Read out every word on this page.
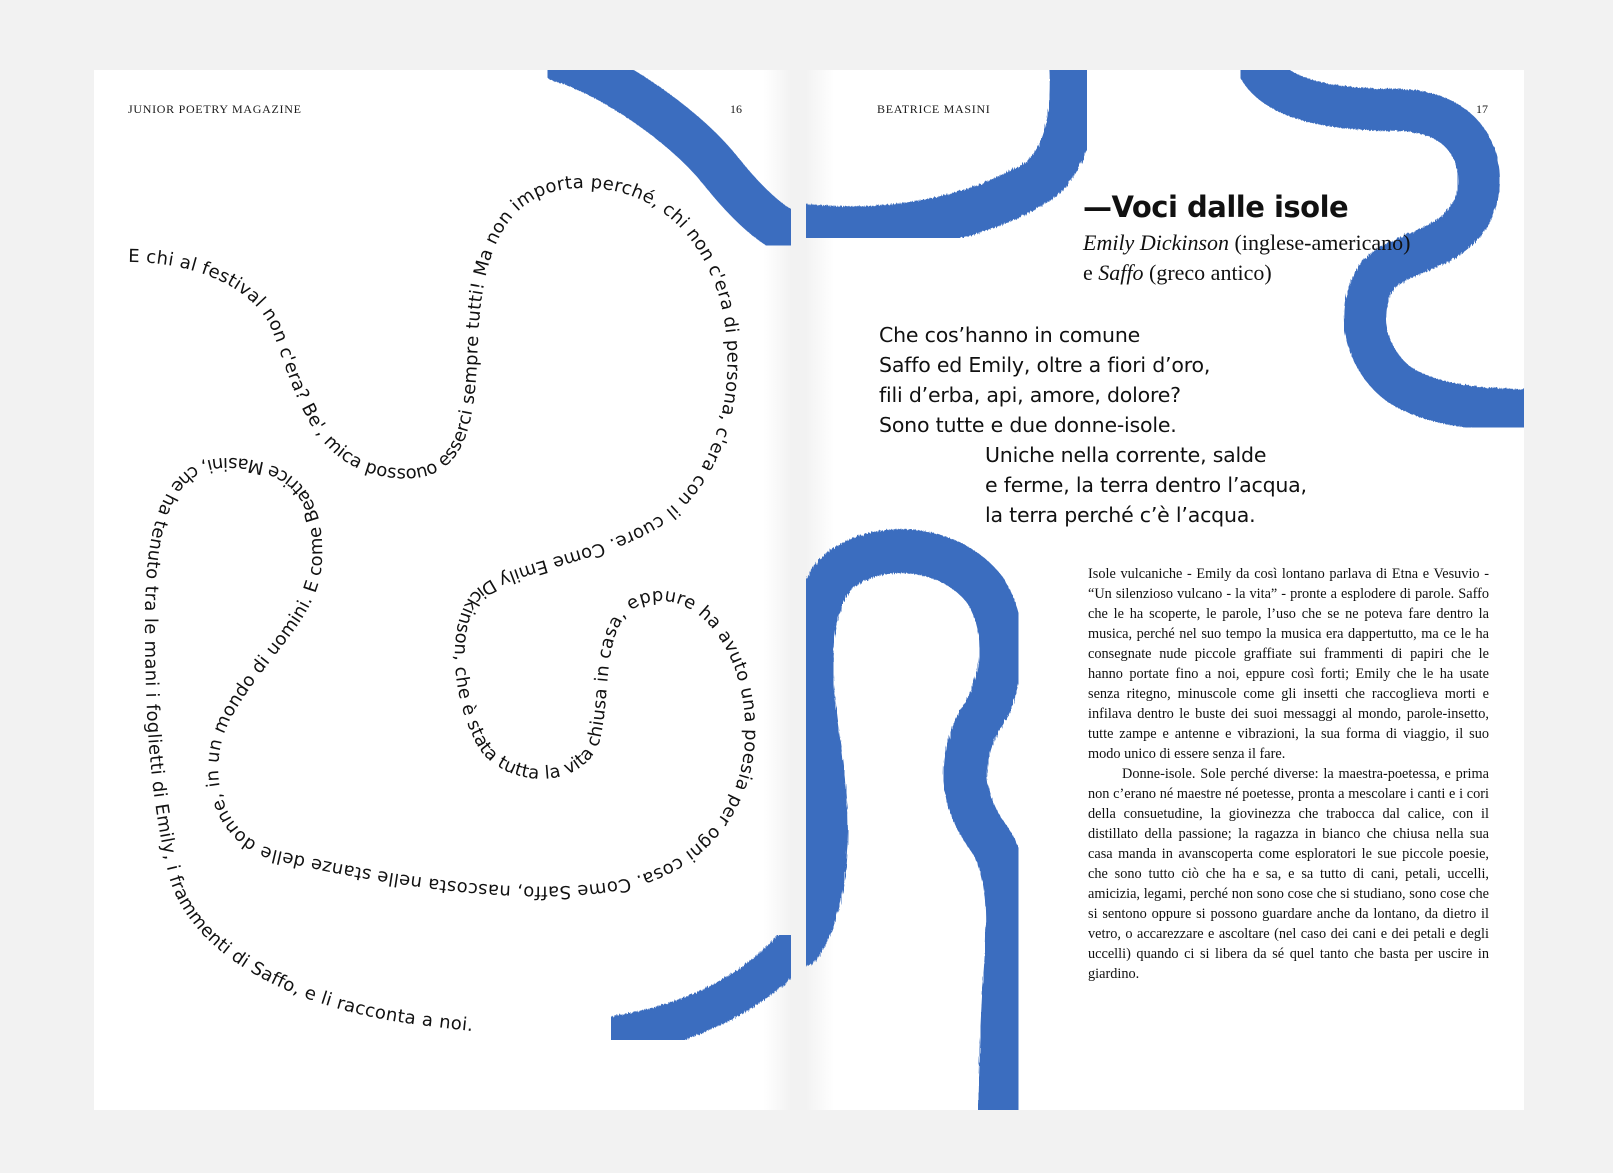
JUNIOR POETRY MAGAZINE	16	BEATRICE MASINI	17
E chi al festival non c'era? Be', mica possono esserci sempre tutti! Ma non importa perché, chi non c'era di persona, c'era con il cuore. Come Emily Dickinson, che è stata tutta la vita chiusa in casa, eppure ha avuto una poesia per ogni cosa. Come Saffo, nascosta nelle stanze delle donne, in un mondo di uomini. E come Beatrice Masini, che ha tenuto tra le mani i foglietti di Emily, i frammenti di Saffo, e li racconta a noi.
—Voci dalle isole
Emily Dickinson (inglese-americano)
e Saffo (greco antico)
Che cos’hanno in comune
Saffo ed Emily, oltre a fiori d’oro,
fili d’erba, api, amore, dolore?
Sono tutte e due donne-isole.
Uniche nella corrente, salde
e ferme, la terra dentro l’acqua,
la terra perché c’è l’acqua.

Isole vulcaniche - Emily da così lontano parlava di Etna e Vesuvio - “Un silenzioso vulcano - la vita” - pronte a esplodere di parole. Saffo che le ha scoperte, le parole, l’uso che se ne poteva fare dentro la musica, perché nel suo tempo la musica era dappertutto, ma ce le ha consegnate nude piccole graffiate sui frammenti di papiri che le hanno portate fino a noi, eppure così forti; Emily che le ha usate senza ritegno, minuscole come gli insetti che raccoglieva morti e infilava dentro le buste dei suoi messaggi al mondo, parole-insetto, tutte zampe e antenne e vibrazioni, la sua forma di viaggio, il suo modo unico di essere senza il fare.

Donne-isole. Sole perché diverse: la maestra-poetessa, e prima non c’erano né maestre né poetesse, pronta a mescolare i canti e i cori della consuetudine, la giovinezza che trabocca dal calice, con il distillato della passione; la ragazza in bianco che chiusa nella sua casa manda in avanscoperta come esploratori le sue piccole poesie, che sono tutto ciò che ha e sa, e sa tutto di cani, petali, uccelli, amicizia, legami, perché non sono cose che si studiano, sono cose che si sentono oppure si possono guardare anche da lontano, da dietro il vetro, o accarezzare e ascoltare (nel caso dei cani e dei petali e degli uccelli) quando ci si libera da sé quel tanto che basta per uscire in giardino.
